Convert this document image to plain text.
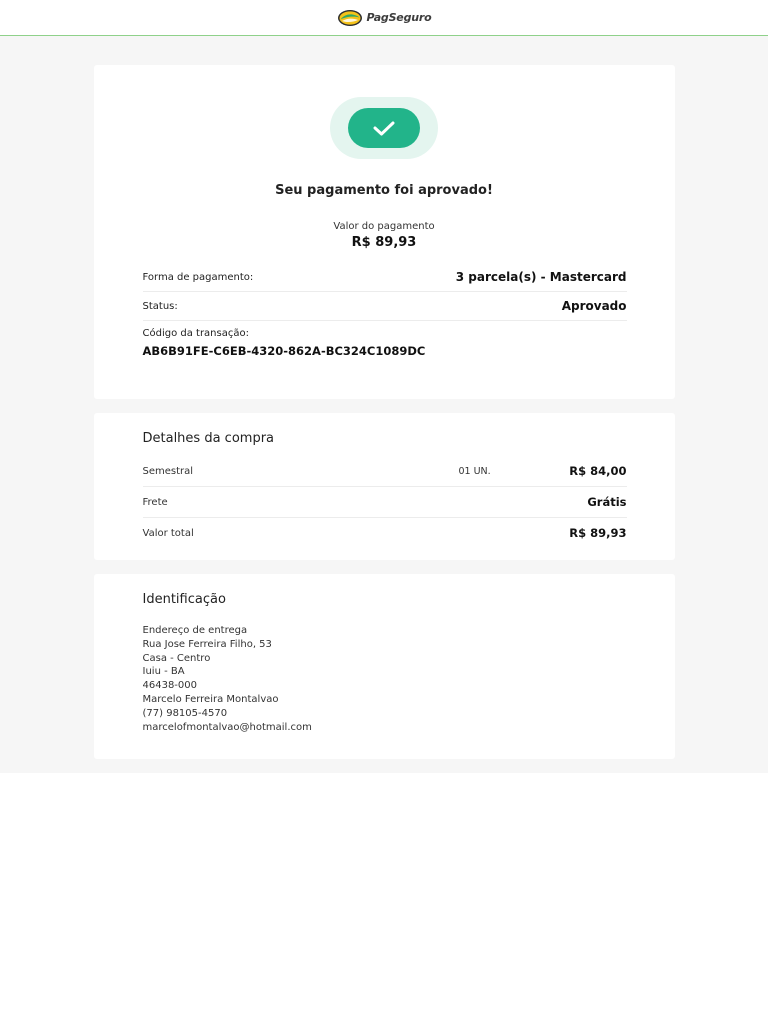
PagSeguro
Seu pagamento foi aprovado!
Valor do pagamento
R$ 89,93
Forma de pagamento:	3 parcela(s) - Mastercard
Status:	Aprovado
Código da transação:
AB6B91FE-C6EB-4320-862A-BC324C1089DC
Detalhes da compra
Semestral	01 UN.	R$ 84,00
Frete	Grátis
Valor total	R$ 89,93
Identificação
Endereço de entrega
Rua Jose Ferreira Filho, 53
Casa - Centro
Iuiu - BA
46438-000
Marcelo Ferreira Montalvao
(77) 98105-4570
marcelofmontalvao@hotmail.com
